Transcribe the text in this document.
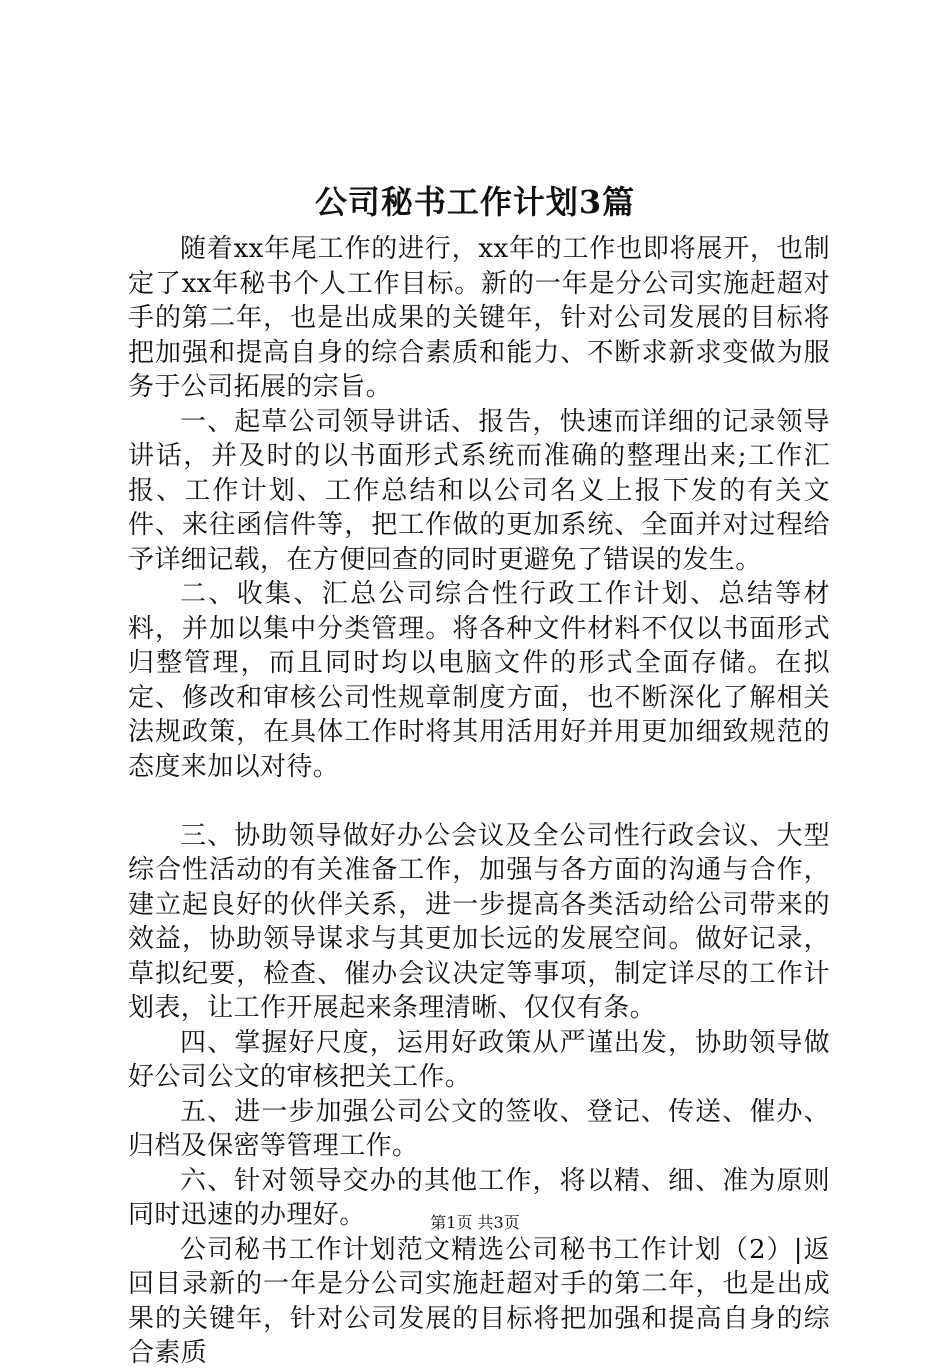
公司秘书工作计划3篇

随着xx年尾工作的进行，xx年的工作也即将展开，也制定了xx年秘书个人工作目标。新的一年是分公司实施赶超对手的第二年，也是出成果的关键年，针对公司发展的目标将把加强和提高自身的综合素质和能力、不断求新求变做为服务于公司拓展的宗旨。

一、起草公司领导讲话、报告，快速而详细的记录领导讲话，并及时的以书面形式系统而准确的整理出来;工作汇报、工作计划、工作总结和以公司名义上报下发的有关文件、来往函信件等，把工作做的更加系统、全面并对过程给予详细记载，在方便回查的同时更避免了错误的发生。

二、收集、汇总公司综合性行政工作计划、总结等材料，并加以集中分类管理。将各种文件材料不仅以书面形式归整管理，而且同时均以电脑文件的形式全面存储。在拟定、修改和审核公司性规章制度方面，也不断深化了解相关法规政策，在具体工作时将其用活用好并用更加细致规范的态度来加以对待。

三、协助领导做好办公会议及全公司性行政会议、大型综合性活动的有关准备工作，加强与各方面的沟通与合作，建立起良好的伙伴关系，进一步提高各类活动给公司带来的效益，协助领导谋求与其更加长远的发展空间。做好记录，草拟纪要，检查、催办会议决定等事项，制定详尽的工作计划表，让工作开展起来条理清晰、仅仅有条。

四、掌握好尺度，运用好政策从严谨出发，协助领导做好公司公文的审核把关工作。

五、进一步加强公司公文的签收、登记、传送、催办、归档及保密等管理工作。

六、针对领导交办的其他工作，将以精、细、准为原则同时迅速的办理好。

公司秘书工作计划范文精选公司秘书工作计划（2）|返回目录新的一年是分公司实施赶超对手的第二年，也是出成果的关键年，针对公司发展的目标将把加强和提高自身的综合素质

第1页 共3页
